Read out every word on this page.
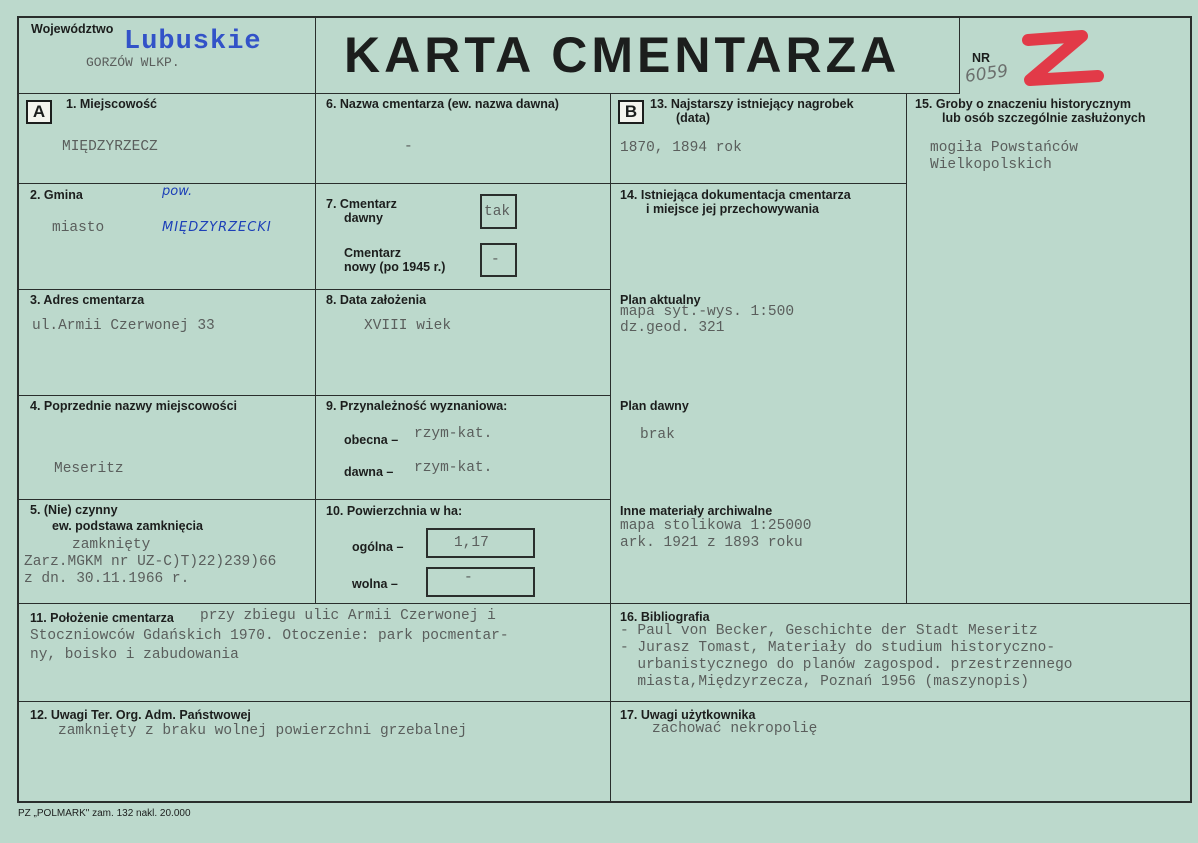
Województwo Lubuskie
GORZÓW WLKP.	KARTA CMENTARZA	NR
6059
A	1. Miejscowość
MIĘDZYRZECZ
6. Nazwa cmentarza (ew. nazwa dawna)
-
B	13. Najstarszy istniejący nagrobek
(data)
1870, 1894 rok
15. Groby o znaczeniu historycznym
lub osób szczególnie zasłużonych
mogiła Powstańców
Wielkopolskich
2. Gmina	pow.
miasto	MIĘDZYRZECKI
7. Cmentarz
dawny	tak
Cmentarz
nowy (po 1945 r.)	-
14. Istniejąca dokumentacja cmentarza
i miejsce jej przechowywania
Plan aktualny
mapa syt.-wys. 1:500
dz.geod. 321
Plan dawny
brak
Inne materiały archiwalne
mapa stolikowa 1:25000
ark. 1921 z 1893 roku
3. Adres cmentarza
ul.Armii Czerwonej 33
8. Data założenia
XVIII wiek
4. Poprzednie nazwy miejscowości
Meseritz
9. Przynależność wyznaniowa:
obecna – rzym-kat.
dawna – rzym-kat.
5. (Nie) czynny
ew. podstawa zamknięcia
zamknięty
Zarz.MGKM nr UZ-C)T)22)239)66
z dn. 30.11.1966 r.
10. Powierzchnia w ha:
ogólna –	1,17
wolna –	-
11. Położenie cmentarza przy zbiegu ulic Armii Czerwonej i
Stoczniowców Gdańskich 1970. Otoczenie: park pocmentar-
ny, boisko i zabudowania
16. Bibliografia
- Paul von Becker, Geschichte der Stadt Meseritz
- Jurasz Tomast, Materiały do studium historyczno-
urbanistycznego do planów zagospod. przestrzennego
miasta,Międzyrzecza, Poznań 1956 (maszynopis)
12. Uwagi Ter. Org. Adm. Państwowej
zamknięty z braku wolnej powierzchni grzebalnej
17. Uwagi użytkownika
zachować nekropolię
PZ „POLMARK" zam. 132 nakl. 20.000
